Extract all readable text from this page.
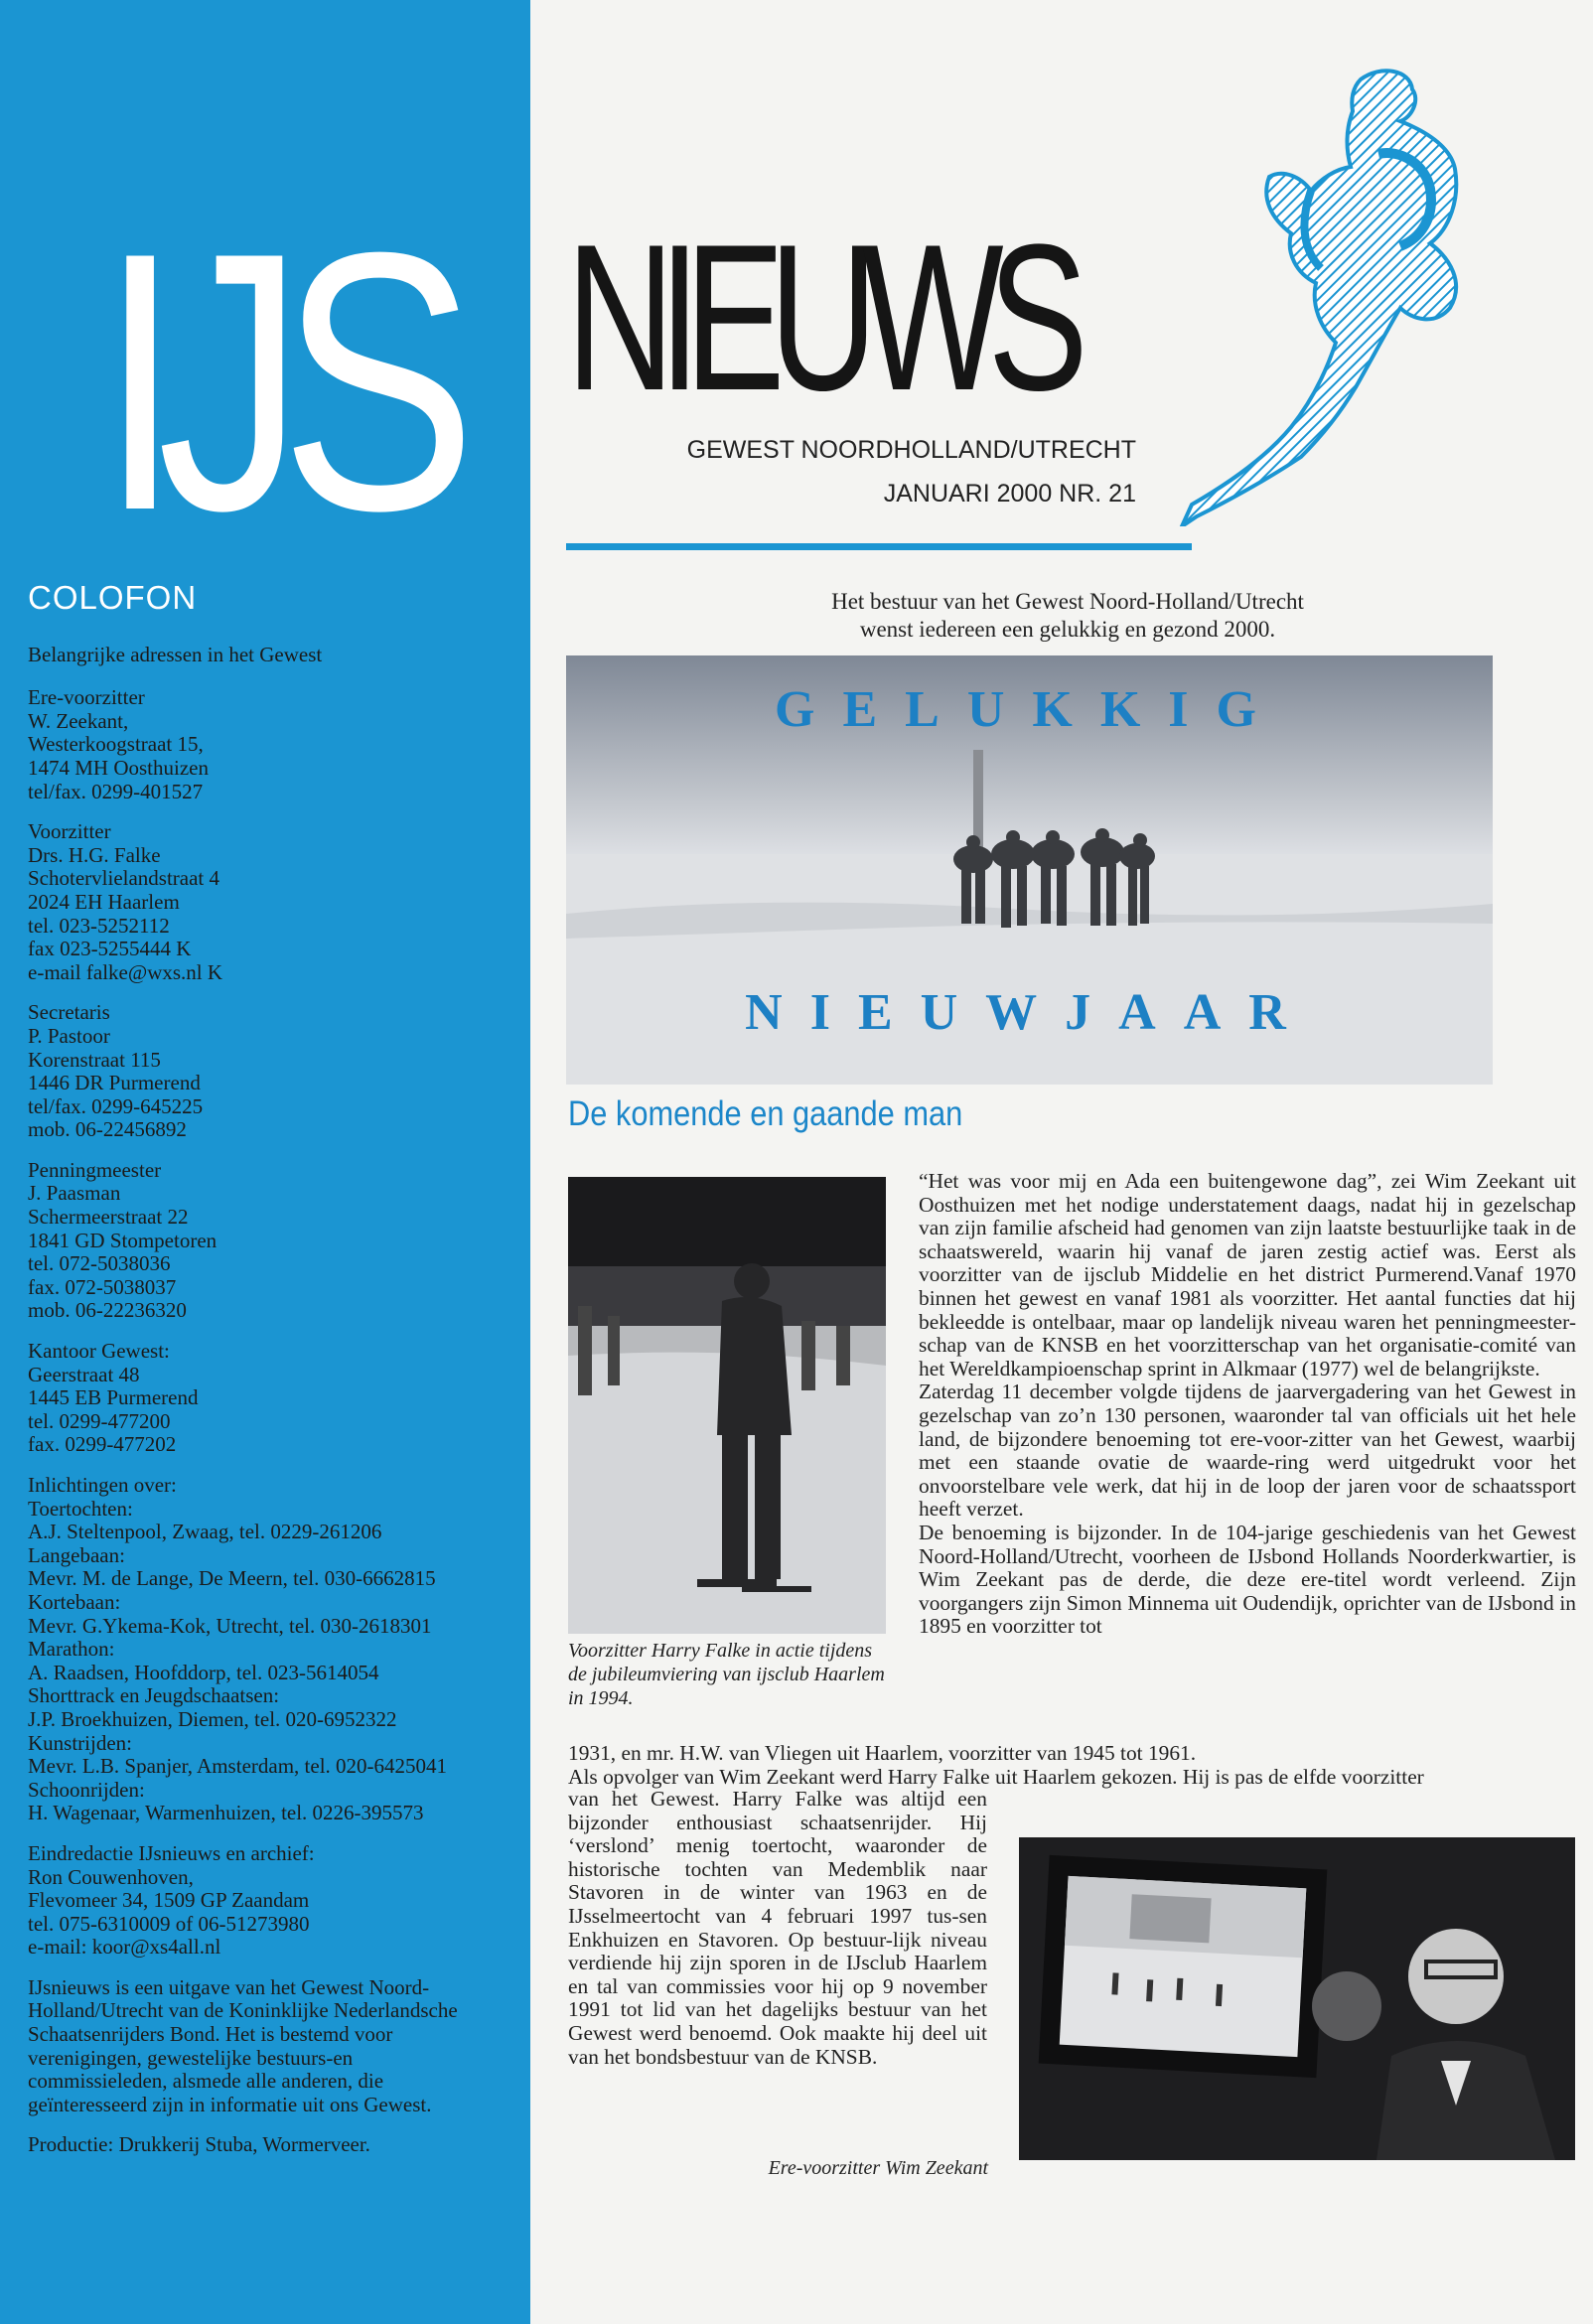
IJS NIEUWS
GEWEST NOORDHOLLAND/UTRECHT
JANUARI 2000 NR. 21
COLOFON

Belangrijke adressen in het Gewest

Ere-voorzitter
W. Zeekant,
Westerkoogstraat 15,
1474 MH Oosthuizen
tel/fax. 0299-401527

Voorzitter
Drs. H.G. Falke
Schotervlielandstraat 4
2024 EH Haarlem
tel. 023-5252112
fax 023-5255444 K
e-mail falke@wxs.nl K

Secretaris
P. Pastoor
Korenstraat 115
1446 DR Purmerend
tel/fax. 0299-645225
mob. 06-22456892

Penningmeester
J. Paasman
Schermeerstraat 22
1841 GD Stompetoren
tel. 072-5038036
fax. 072-5038037
mob. 06-22236320

Kantoor Gewest:
Geerstraat 48
1445 EB Purmerend
tel. 0299-477200
fax. 0299-477202

Inlichtingen over:
Toertochten:
A.J. Steltenpool, Zwaag, tel. 0229-261206
Langebaan:
Mevr. M. de Lange, De Meern, tel. 030-6662815
Kortebaan:
Mevr. G.Ykema-Kok, Utrecht, tel. 030-2618301
Marathon:
A. Raadsen, Hoofddorp, tel. 023-5614054
Shorttrack en Jeugdschaatsen:
J.P. Broekhuizen, Diemen, tel. 020-6952322
Kunstrijden:
Mevr. L.B. Spanjer, Amsterdam, tel. 020-6425041
Schoonrijden:
H. Wagenaar, Warmenhuizen, tel. 0226-395573

Eindredactie IJsnieuws en archief:
Ron Couwenhoven,
Flevomeer 34, 1509 GP Zaandam
tel. 075-6310009 of 06-51273980
e-mail: koor@xs4all.nl

IJsnieuws is een uitgave van het Gewest Noord-Holland/Utrecht van de Koninklijke Nederlandsche Schaatsenrijders Bond. Het is bestemd voor verenigingen, gewestelijke bestuurs-en commissieleden, alsmede alle anderen, die geïnteresseerd zijn in informatie uit ons Gewest.

Productie: Drukkerij Stuba, Wormerveer.

Het bestuur van het Gewest Noord-Holland/Utrecht
wenst iedereen een gelukkig en gezond 2000.
GELUKKIG
NIEUWJAAR
De komende en gaande man
Voorzitter Harry Falke in actie tijdens de jubileumviering van ijsclub Haarlem in 1994.

“Het was voor mij en Ada een buitengewone dag”, zei Wim Zeekant uit Oosthuizen met het nodige understatement daags, nadat hij in gezelschap van zijn familie afscheid had genomen van zijn laatste bestuurlijke taak in de schaatswereld, waarin hij vanaf de jaren zestig actief was. Eerst als voorzitter van de ijsclub Middelie en het district Purmerend.Vanaf 1970 binnen het gewest en vanaf 1981 als voorzitter. Het aantal functies dat hij bekleedde is ontelbaar, maar op landelijk niveau waren het penningmeester-schap van de KNSB en het voorzitterschap van het organisatie-comité van het Wereldkampioenschap sprint in Alkmaar (1977) wel de belangrijkste.

Zaterdag 11 december volgde tijdens de jaarvergadering van het Gewest in gezelschap van zo’n 130 personen, waaronder tal van officials uit het hele land, de bijzondere benoeming tot ere-voor-zitter van het Gewest, waarbij met een staande ovatie de waarde-ring werd uitgedrukt voor het onvoorstelbare vele werk, dat hij in de loop der jaren voor de schaatssport heeft verzet.

De benoeming is bijzonder. In de 104-jarige geschiedenis van het Gewest Noord-Holland/Utrecht, voorheen de IJsbond Hollands Noorderkwartier, is Wim Zeekant pas de derde, die deze ere-titel wordt verleend. Zijn voorgangers zijn Simon Minnema uit Oudendijk, oprichter van de IJsbond in 1895 en voorzitter tot

1931, en mr. H.W. van Vliegen uit Haarlem, voorzitter van 1945 tot 1961.

Als opvolger van Wim Zeekant werd Harry Falke uit Haarlem gekozen. Hij is pas de elfde voorzitter

van het Gewest. Harry Falke was altijd een bijzonder enthousiast schaatsenrijder. Hij ‘verslond’ menig toertocht, waaronder de historische tochten van Medemblik naar Stavoren in de winter van 1963 en de IJsselmeertocht van 4 februari 1997 tus-sen Enkhuizen en Stavoren. Op bestuur-lijk niveau verdiende hij zijn sporen in de IJsclub Haarlem en tal van commissies voor hij op 9 november 1991 tot lid van het dagelijks bestuur van het Gewest werd benoemd. Ook maakte hij deel uit van het bondsbestuur van de KNSB.

Ere-voorzitter Wim Zeekant
